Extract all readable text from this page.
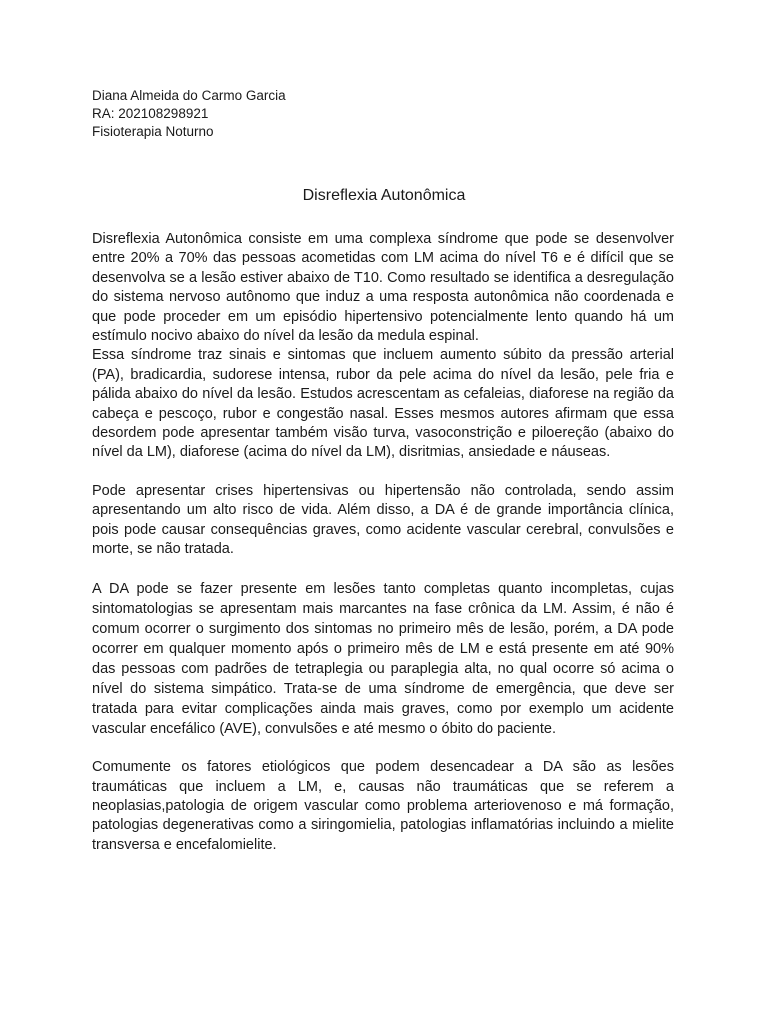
Diana Almeida do Carmo Garcia
RA: 202108298921
Fisioterapia Noturno
Disreflexia Autonômica

Disreflexia Autonômica consiste em uma complexa síndrome que pode se desenvolver entre 20% a 70% das pessoas acometidas com LM acima do nível T6 e é difícil que se desenvolva se a lesão estiver abaixo de T10. Como resultado se identifica a desregulação do sistema nervoso autônomo que induz a uma resposta autonômica não coordenada e que pode proceder em um episódio hipertensivo potencialmente lento quando há um estímulo nocivo abaixo do nível da lesão da medula espinal.

Essa síndrome traz sinais e sintomas que incluem aumento súbito da pressão arterial (PA), bradicardia, sudorese intensa, rubor da pele acima do nível da lesão, pele fria e pálida abaixo do nível da lesão. Estudos acrescentam as cefaleias, diaforese na região da cabeça e pescoço, rubor e congestão nasal. Esses mesmos autores afirmam que essa desordem pode apresentar também visão turva, vasoconstrição e piloereção (abaixo do nível da LM), diaforese (acima do nível da LM), disritmias, ansiedade e náuseas.

Pode apresentar crises hipertensivas ou hipertensão não controlada, sendo assim apresentando um alto risco de vida. Além disso, a DA é de grande importância clínica, pois pode causar consequências graves, como acidente vascular cerebral, convulsões e morte, se não tratada.

A DA pode se fazer presente em lesões tanto completas quanto incompletas, cujas sintomatologias se apresentam mais marcantes na fase crônica da LM. Assim, é não é comum ocorrer o surgimento dos sintomas no primeiro mês de lesão, porém, a DA pode ocorrer em qualquer momento após o primeiro mês de LM e está presente em até 90% das pessoas com padrões de tetraplegia ou paraplegia alta, no qual ocorre só acima o nível do sistema simpático. Trata-se de uma síndrome de emergência, que deve ser tratada para evitar complicações ainda mais graves, como por exemplo um acidente vascular encefálico (AVE), convulsões e até mesmo o óbito do paciente.

Comumente os fatores etiológicos que podem desencadear a DA são as lesões traumáticas que incluem a LM, e, causas não traumáticas que se referem a neoplasias,patologia de origem vascular como problema arteriovenoso e má formação, patologias degenerativas como a siringomielia, patologias inflamatórias incluindo a mielite transversa e encefalomielite.
